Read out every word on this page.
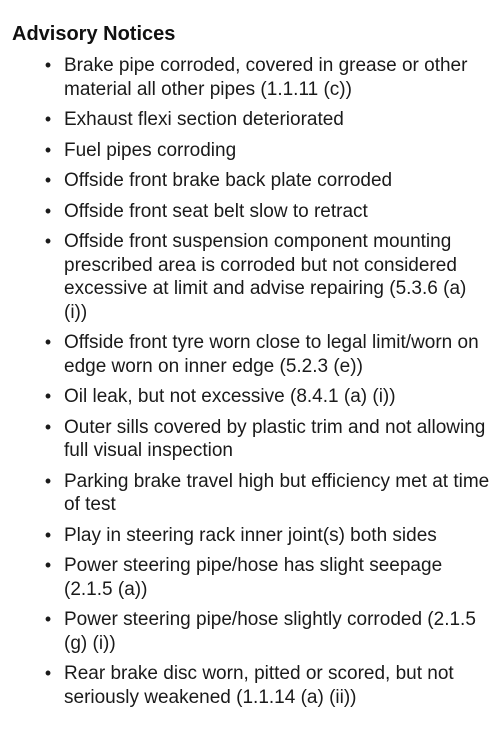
Advisory Notices
• Brake pipe corroded, covered in grease or other material all other pipes (1.1.11 (c))
• Exhaust flexi section deteriorated
• Fuel pipes corroding
• Offside front brake back plate corroded
• Offside front seat belt slow to retract
• Offside front suspension component mounting prescribed area is corroded but not considered excessive at limit and advise repairing (5.3.6 (a) (i))
• Offside front tyre worn close to legal limit/worn on edge worn on inner edge (5.2.3 (e))
• Oil leak, but not excessive (8.4.1 (a) (i))
• Outer sills covered by plastic trim and not allowing full visual inspection
• Parking brake travel high but efficiency met at time of test
• Play in steering rack inner joint(s) both sides
• Power steering pipe/hose has slight seepage (2.1.5 (a))
• Power steering pipe/hose slightly corroded (2.1.5 (g) (i))
• Rear brake disc worn, pitted or scored, but not seriously weakened (1.1.14 (a) (ii))
